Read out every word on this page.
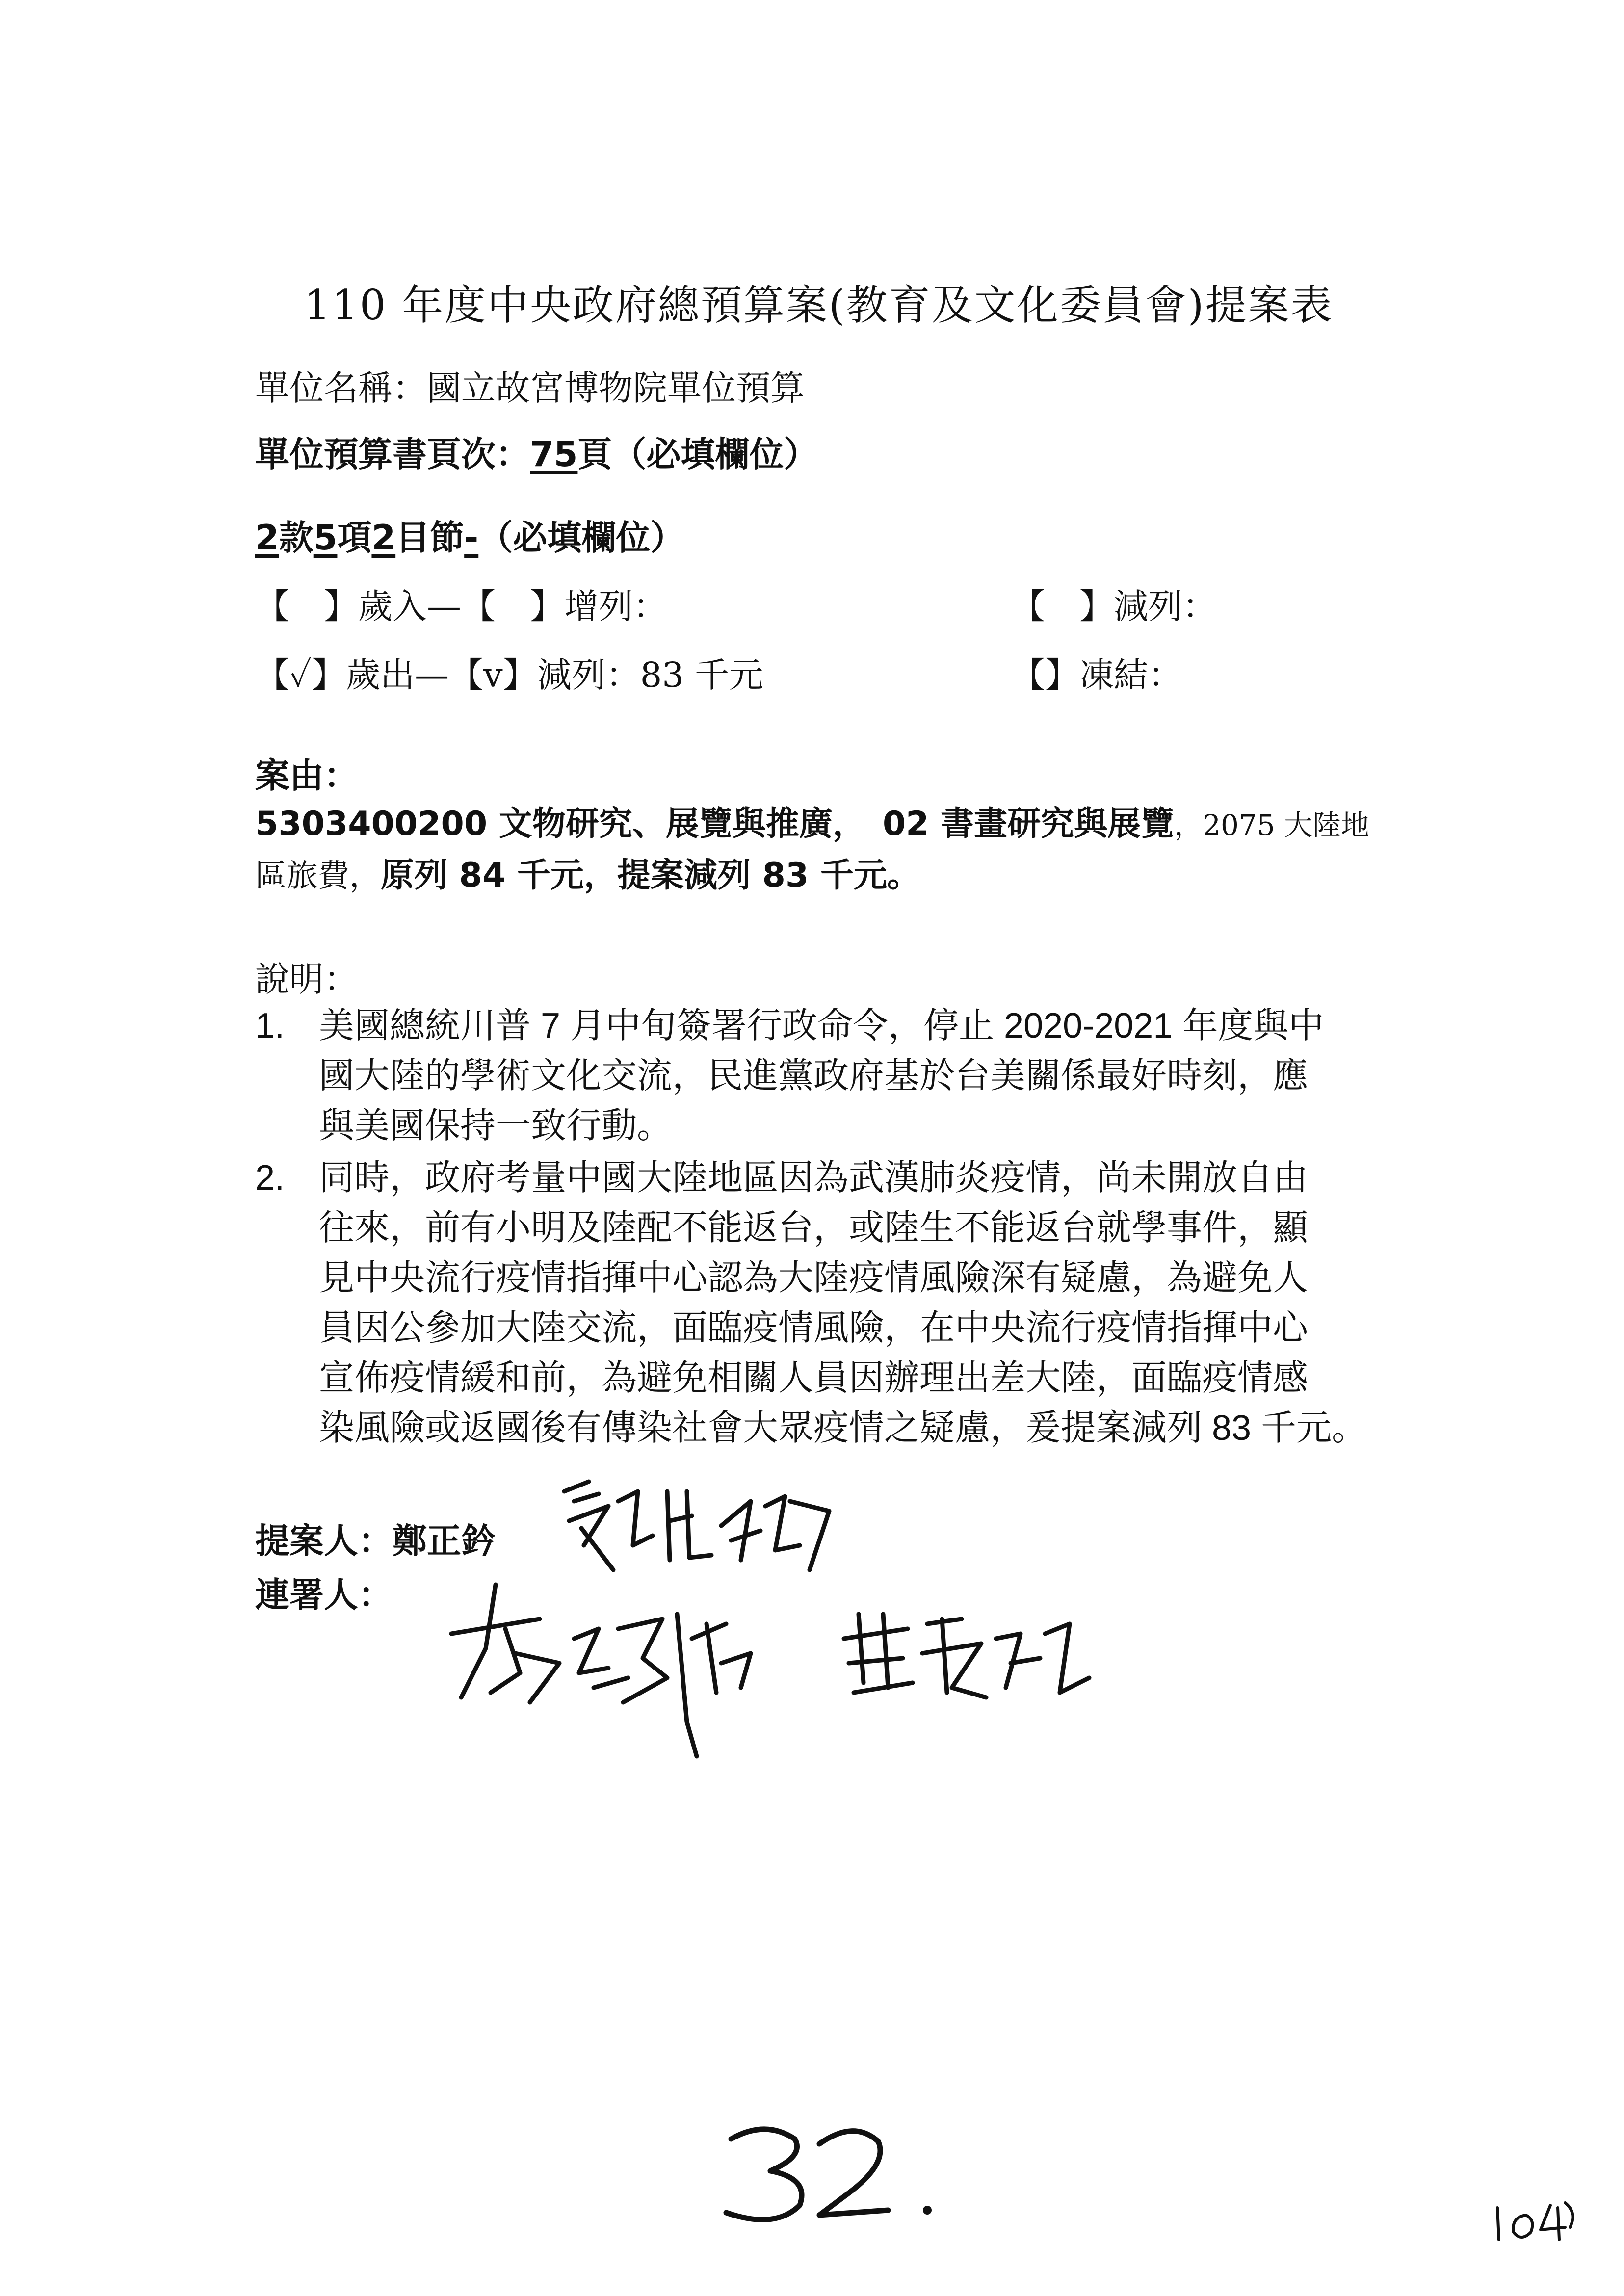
110 年度中央政府總預算案(教育及文化委員會)提案表
單位名稱：國立故宮博物院單位預算
單位預算書頁次：75頁（必填欄位）
2款5項2目節-（必填欄位）
【　】歲入—【　】增列：	【　】減列：
【✓】歲出—【v】減列：83 千元	【】凍結：
案由：
5303400200 文物研究、展覽與推廣，　02 書畫研究與展覽，2075 大陸地
區旅費，原列 84 千元，提案減列 83 千元。
說明：
1. 美國總統川普 7 月中旬簽署行政命令，停止 2020-2021 年度與中
國大陸的學術文化交流，民進黨政府基於台美關係最好時刻，應
與美國保持一致行動。
2. 同時，政府考量中國大陸地區因為武漢肺炎疫情，尚未開放自由
往來，前有小明及陸配不能返台，或陸生不能返台就學事件，顯
見中央流行疫情指揮中心認為大陸疫情風險深有疑慮，為避免人
員因公參加大陸交流，面臨疫情風險，在中央流行疫情指揮中心
宣佈疫情緩和前，為避免相關人員因辦理出差大陸，面臨疫情感
染風險或返國後有傳染社會大眾疫情之疑慮，爰提案減列 83 千元。
提案人：鄭正鈐
連署人：
